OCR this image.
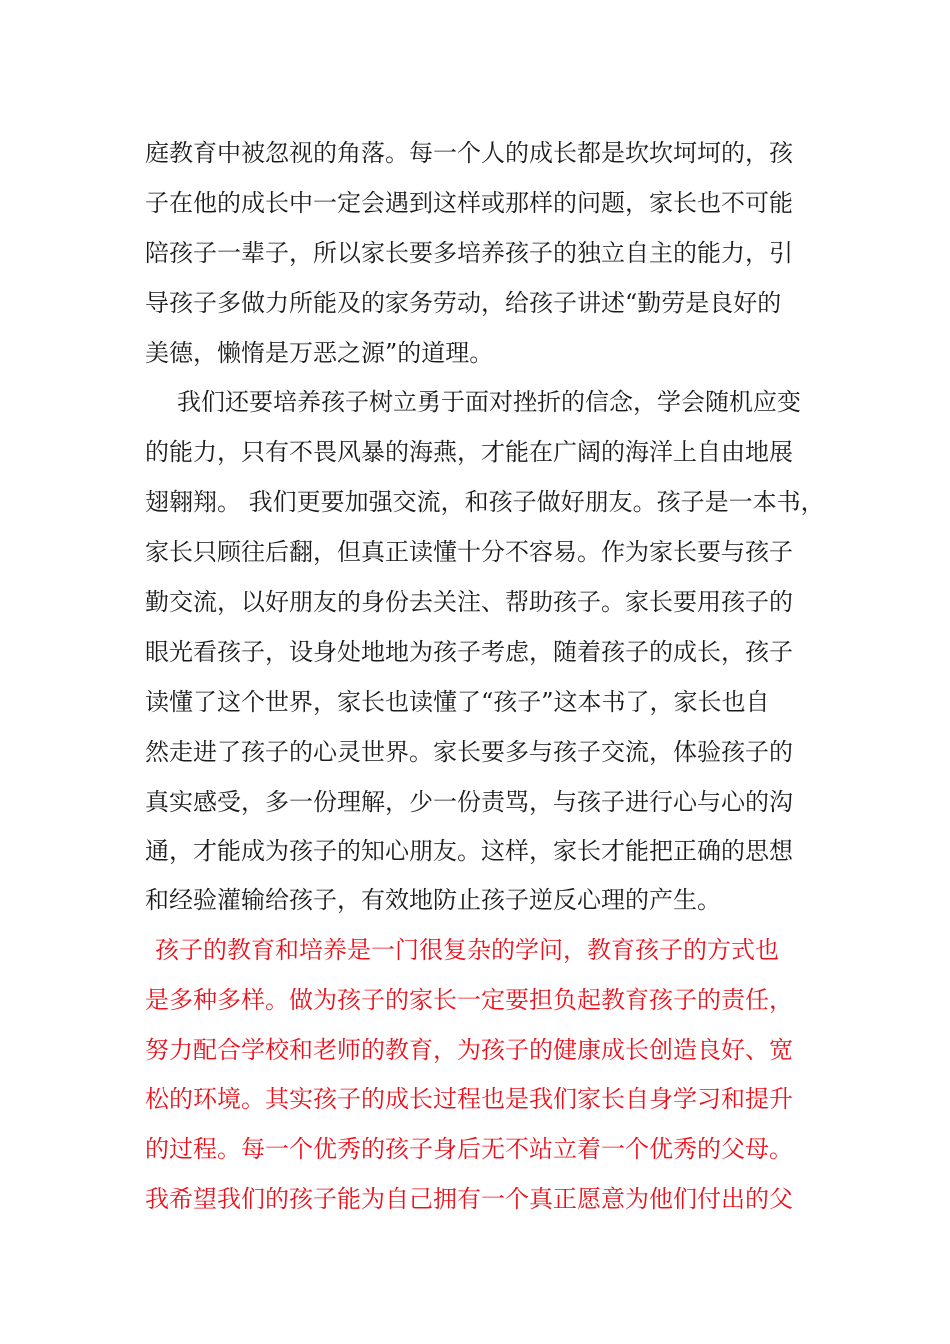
庭教育中被忽视的角落。每一个人的成长都是坎坎坷坷的，孩
子在他的成长中一定会遇到这样或那样的问题，家长也不可能
陪孩子一辈子，所以家长要多培养孩子的独立自主的能力，引
导孩子多做力所能及的家务劳动，给孩子讲述“勤劳是良好的
美德，懒惰是万恶之源”的道理。
我们还要培养孩子树立勇于面对挫折的信念，学会随机应变
的能力，只有不畏风暴的海燕，才能在广阔的海洋上自由地展
翅翱翔。 我们更要加强交流，和孩子做好朋友。孩子是一本书，
家长只顾往后翻，但真正读懂十分不容易。作为家长要与孩子
勤交流，以好朋友的身份去关注、帮助孩子。家长要用孩子的
眼光看孩子，设身处地地为孩子考虑，随着孩子的成长，孩子
读懂了这个世界，家长也读懂了“孩子”这本书了，家长也自
然走进了孩子的心灵世界。家长要多与孩子交流，体验孩子的
真实感受，多一份理解，少一份责骂，与孩子进行心与心的沟
通，才能成为孩子的知心朋友。这样，家长才能把正确的思想
和经验灌输给孩子，有效地防止孩子逆反心理的产生。
孩子的教育和培养是一门很复杂的学问，教育孩子的方式也
是多种多样。做为孩子的家长一定要担负起教育孩子的责任，
努力配合学校和老师的教育，为孩子的健康成长创造良好、宽
松的环境。其实孩子的成长过程也是我们家长自身学习和提升
的过程。每一个优秀的孩子身后无不站立着一个优秀的父母。
我希望我们的孩子能为自己拥有一个真正愿意为他们付出的父
